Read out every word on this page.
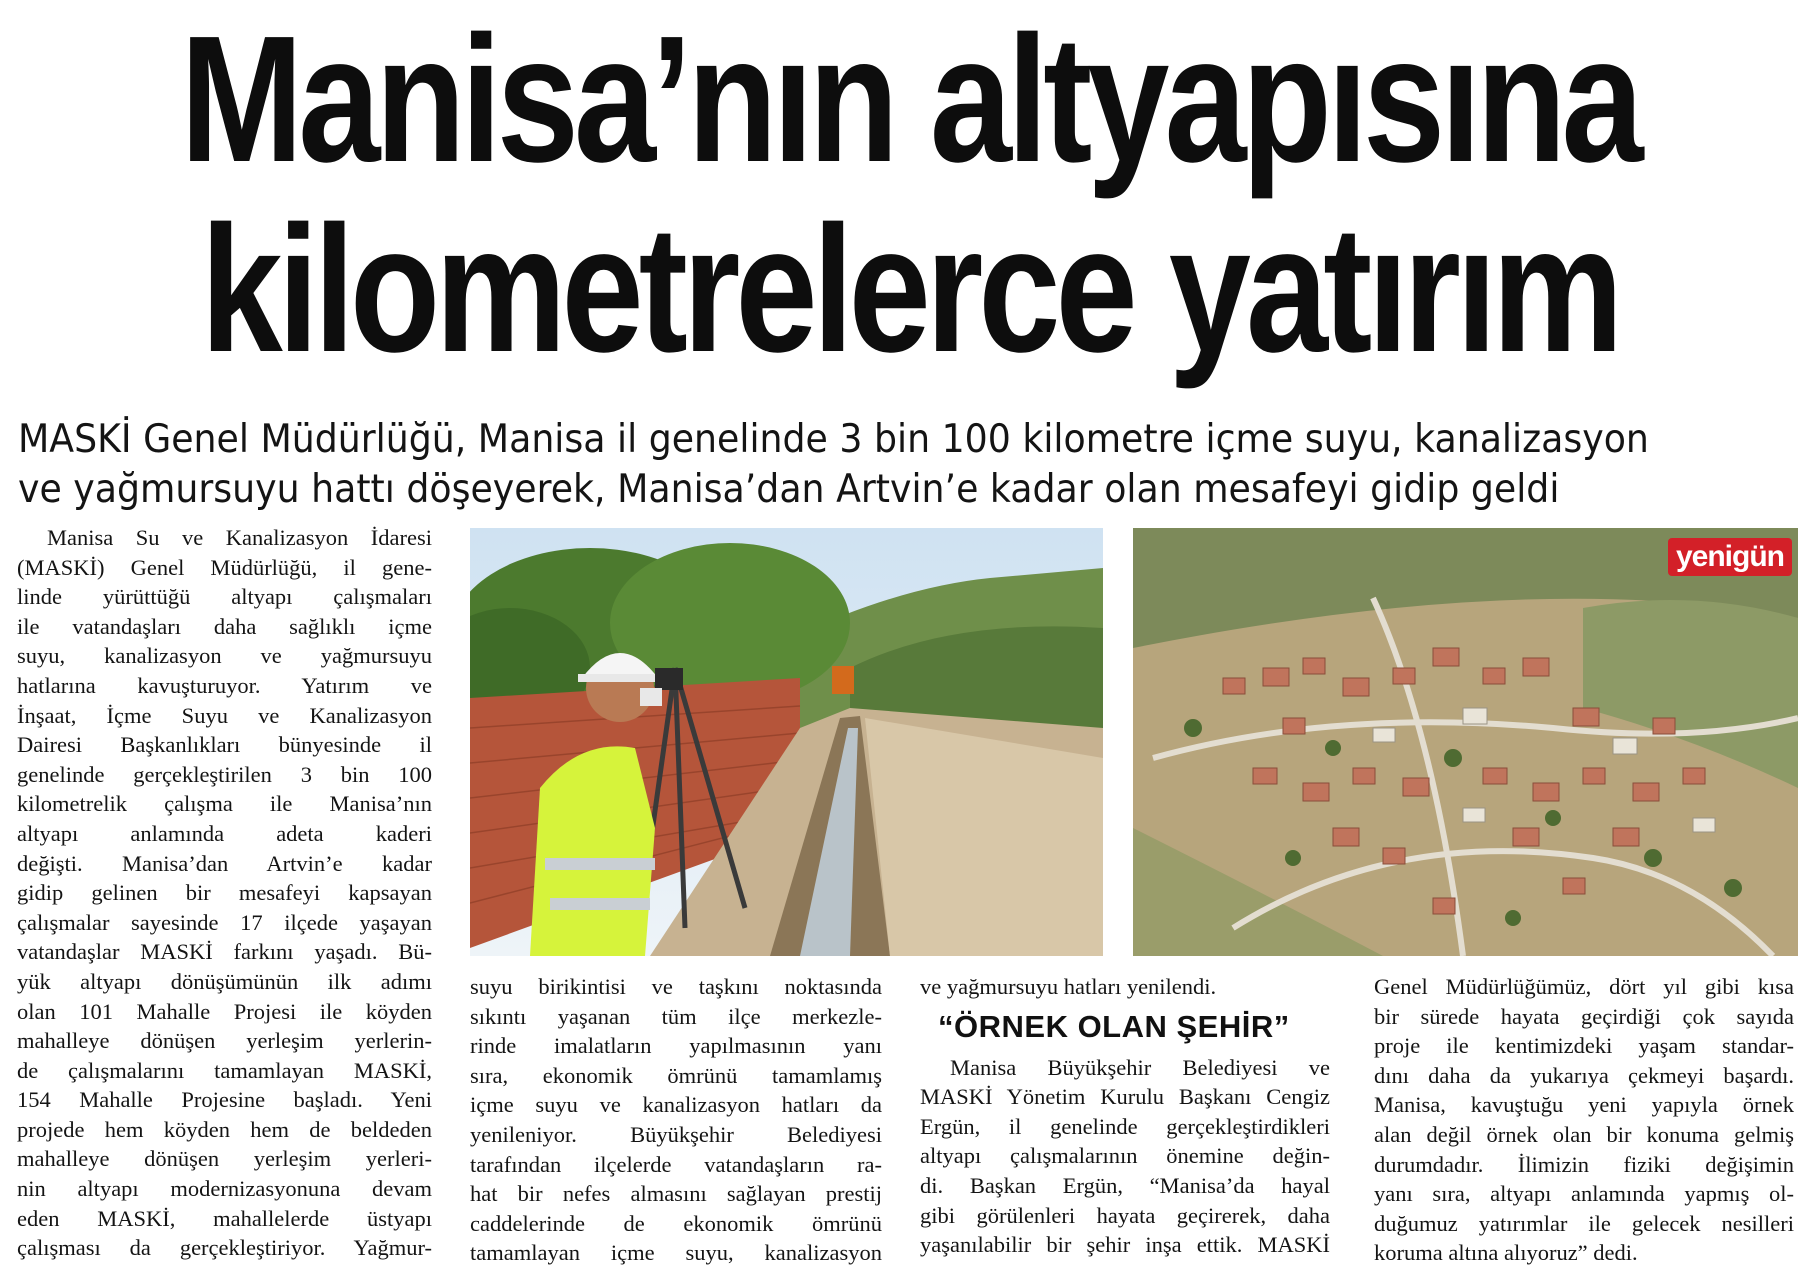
Manisa’nın altyapısına
kilometrelerce yatırım
MASKİ Genel Müdürlüğü, Manisa il genelinde 3 bin 100 kilometre içme suyu, kanalizasyon
ve yağmursuyu hattı döşeyerek, Manisa’dan Artvin’e kadar olan mesafeyi gidip geldi
Manisa Su ve Kanalizasyon İdaresi
(MASKİ) Genel Müdürlüğü, il gene-
linde yürüttüğü altyapı çalışmaları
ile vatandaşları daha sağlıklı içme
suyu, kanalizasyon ve yağmursuyu
hatlarına kavuşturuyor. Yatırım ve
İnşaat, İçme Suyu ve Kanalizasyon
Dairesi Başkanlıkları bünyesinde il
genelinde gerçekleştirilen 3 bin 100
kilometrelik çalışma ile Manisa’nın
altyapı anlamında adeta kaderi
değişti. Manisa’dan Artvin’e kadar
gidip gelinen bir mesafeyi kapsayan
çalışmalar sayesinde 17 ilçede yaşayan
vatandaşlar MASKİ farkını yaşadı. Bü-
yük altyapı dönüşümünün ilk adımı
olan 101 Mahalle Projesi ile köyden
mahalleye dönüşen yerleşim yerlerin-
de çalışmalarını tamamlayan MASKİ,
154 Mahalle Projesine başladı. Yeni
projede hem köyden hem de beldeden
mahalleye dönüşen yerleşim yerleri-
nin altyapı modernizasyonuna devam
eden MASKİ, mahallelerde üstyapı
çalışması da gerçekleştiriyor. Yağmur-
yenigün
suyu birikintisi ve taşkını noktasında
sıkıntı yaşanan tüm ilçe merkezle-
rinde imalatların yapılmasının yanı
sıra, ekonomik ömrünü tamamlamış
içme suyu ve kanalizasyon hatları da
yenileniyor. Büyükşehir Belediyesi
tarafından ilçelerde vatandaşların ra-
hat bir nefes almasını sağlayan prestij
caddelerinde de ekonomik ömrünü
tamamlayan içme suyu, kanalizasyon
ve yağmursuyu hatları yenilendi.
“ÖRNEK OLAN ŞEHİR”
Manisa Büyükşehir Belediyesi ve
MASKİ Yönetim Kurulu Başkanı Cengiz
Ergün, il genelinde gerçekleştirdikleri
altyapı çalışmalarının önemine değin-
di. Başkan Ergün, “Manisa’da hayal
gibi görülenleri hayata geçirerek, daha
yaşanılabilir bir şehir inşa ettik. MASKİ
Genel Müdürlüğümüz, dört yıl gibi kısa
bir sürede hayata geçirdiği çok sayıda
proje ile kentimizdeki yaşam standar-
dını daha da yukarıya çekmeyi başardı.
Manisa, kavuştuğu yeni yapıyla örnek
alan değil örnek olan bir konuma gelmiş
durumdadır. İlimizin fiziki değişimin
yanı sıra, altyapı anlamında yapmış ol-
duğumuz yatırımlar ile gelecek nesilleri
koruma altına alıyoruz” dedi.
